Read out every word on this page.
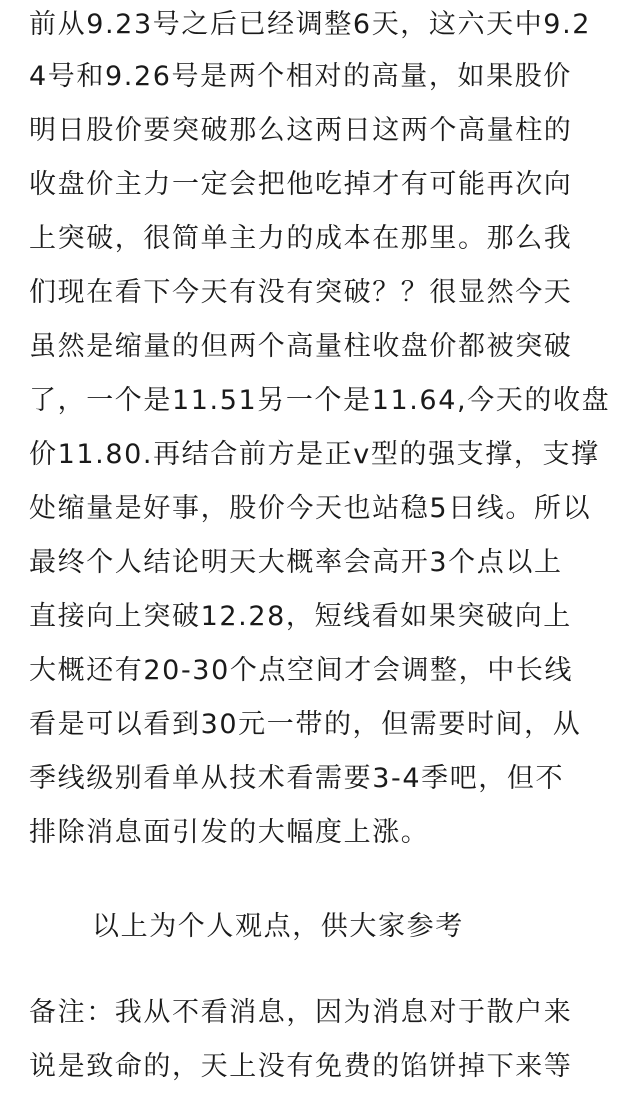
前从9.23号之后已经调整6天，这六天中9.2
4号和9.26号是两个相对的高量，如果股价
明日股价要突破那么这两日这两个高量柱的
收盘价主力一定会把他吃掉才有可能再次向
上突破，很简单主力的成本在那里。那么我
们现在看下今天有没有突破？？很显然今天
虽然是缩量的但两个高量柱收盘价都被突破
了，一个是11.51另一个是11.64,今天的收盘
价11.80.再结合前方是正v型的强支撑，支撑
处缩量是好事，股价今天也站稳5日线。所以
最终个人结论明天大概率会高开3个点以上
直接向上突破12.28，短线看如果突破向上
大概还有20-30个点空间才会调整，中长线
看是可以看到30元一带的，但需要时间，从
季线级别看单从技术看需要3-4季吧，但不
排除消息面引发的大幅度上涨。
以上为个人观点，供大家参考
备注：我从不看消息，因为消息对于散户来
说是致命的，天上没有免费的馅饼掉下来等
